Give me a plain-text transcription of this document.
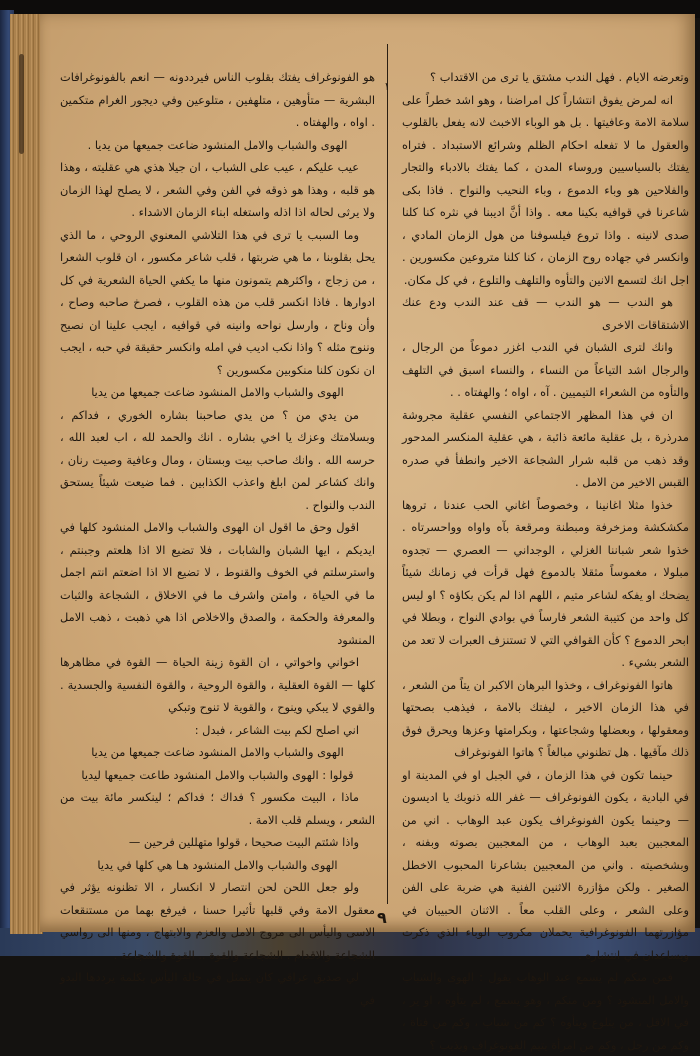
وتعرضه الايام . فهل الندب مشتق يا ترى من الاقتداب ؟

انه لمرض يفوق انتشاراً كل امراضنا ، وهو اشد خطراً على سلامة الامة وعافيتها . بل هو الوباء الاخبث لانه يفعل بالقلوب والعقول ما لا تفعله احكام الظلم وشرائع الاستبداد . فتراه يفتك بالسياسيين وروساء المدن ، كما يفتك بالادباء والتجار والفلاحين هو وباء الدموع ، وباء النحيب والنواح . فاذا بكى شاعرنا في قوافيه بكينا معه . واذا أنَّ اديبنا في نثره كنا كلنا صدى لانينه . واذا تروع فيلسوفنا من هول الزمان المادي ، وانكسر في جهاده روح الزمان ، كنا كلنا متروعين مكسورين . اجل انك لتسمع الانين والتأوه والتلهف والتلوع ، في كل مكان.

هو الندب — هو الندب — قف عند الندب ودع عنك الاشتقاقات الاخرى

وانك لترى الشبان في الندب اغزر دموعاً من الرجال ، والرجال اشد التياعاً من النساء ، والنساء اسبق في التلهف والتأوه من الشعراء التيميين . آه ، اواه ؛ والهفتاه . .

ان في هذا المظهر الاجتماعي النفسي عقلية مجروشة مدرذرة ، بل عقلية مائعة ذائبة ، هي عقلية المنكسر المدحور وقد ذهب من قلبه شرار الشجاعة الاخير وانطفأ في صدره القبس الاخير من الامل .

خذوا مثلا اغانينا ، وخصوصاً اغاني الحب عندنا ، تروها مكشكشة ومزخرفة ومبطنة ومرقعة بآه واواه وواحسرتاه . خذوا شعر شباننا الغزلي ، الوجداني — العصري — تجدوه مبلولا ، مغموساً مثقلا بالدموع فهل قرأت في زمانك شيئاً يضحك او يفكه لشاعر متيم ، اللهم اذا لم يكن بكاؤه ؟ او ليس كل واحد من كتيبة الشعر فارساً في بوادي النواح ، وبطلا في ابحر الدموع ؟ كأن القوافي التي لا تستنزف العبرات لا تعد من الشعر بشيء .

هاتوا الفونوغراف ، وخذوا البرهان الاكبر ان يتاً من الشعر ، في هذا الزمان الاخير ، ليفتك بالامة ، فيذهب بصحتها ومعقولها ، وبعضلها وشجاعتها ، وبكرامتها وعزها ويحرق فوق ذلك مآقيها . هل تظنوني مبالغاً ؟ هاتوا الفونوغراف

حينما تكون في هذا الزمان ، في الجبل او في المدينة او في البادية ، يكون الفونوغراف — غفر الله ذنوبك يا اديسون — وحينما يكون الفونوغراف يكون عبد الوهاب . اني من المعجبين بعبد الوهاب ، من المعجبين بصوته وبفنه ، وبشخصيته . واني من المعجبين بشاعرنا المحبوب الاخطل الصغير . ولكن مؤازرة الاثنين الفنية هي ضربة على الفن وعلى الشعر ، وعلى القلب معاً . الاثنان الحبيبان في مؤازرتهما الفونوغرافية يحملان مكروب الوباء الذي ذكرت ويساعدان في انتشاره .

فمن منكم لم يسمع عبد الوهاب يقول : الهوى والشباب والامل المنشود ؟ ومن منكم ، وهو يسمع ، لم يتأوه ، او ير ، في الاقل ، من يتلوع ويتأوه ؟ كم من شباب ، وكم من فتاة ، وكم من رجل ، وكم من امرأة يتيم الفونوغراف ويذيب ؟

١

هو الفونوغراف يفتك بقلوب الناس فيرددونه — انعم بالفونوغرافات البشرية — متأوهين ، متلهفين ، متلوعين وفي ديجور الغرام متكمين . اواه ، والهفتاه .

الهوى والشباب والامل المنشود ضاعت جميعها من يديا .

عيب عليكم ، عيب على الشباب ، ان جيلا هذي هي عقليته ، وهذا هو قلبه ، وهذا هو ذوقه في الفن وفي الشعر ، لا يصلح لهذا الزمان ولا يرثى لحاله اذا اذله واستغله ابناء الزمان الاشداء .

وما السبب يا ترى في هذا التلاشي المعنوي الروحي ، ما الذي يحل بقلوبنا ، ما هي ضربتها ، قلب شاعر مكسور ، ان قلوب الشعرا ، من زجاج ، واكثرهم يتمونون منها ما يكفي الحياة الشعرية في كل ادوارها . فاذا انكسر قلب من هذه القلوب ، فصرخ صاحبه وصاح ، وأن وناح ، وارسل نواحه وانينه في قوافيه ، ايجب علينا ان نصيح وننوح مثله ؟ واذا نكب اديب في امله وانكسر حقيقة في حبه ، ايجب ان نكون كلنا منكوبين مكسورين ؟

الهوى والشباب والامل المنشود ضاعت جميعها من يديا

من يدي من ؟ من يدي صاحبنا بشاره الخوري ، فداكم ، وبسلامتك وعزك يا اخي بشاره . انك والحمد لله ، اب لعبد الله ، حرسه الله . وانك صاحب بيت وبستان ، ومال وعافية وصيت رنان ، وانك كشاعر لمن ابلغ واعذب الكذابين . فما ضيعت شيئاً يستحق الندب والنواح .

اقول وحق ما اقول ان الهوى والشباب والامل المنشود كلها في ايديكم ، ايها الشبان والشابات ، فلا تضيع الا اذا هلعتم وجبنتم ، واسترسلتم في الخوف والقنوط ، لا تضيع الا اذا اضعتم انتم اجمل ما في الحياة ، وامتن واشرف ما في الاخلاق ، الشجاعة والثبات والمعرفة والحكمة ، والصدق والاخلاص اذا هي ذهبت ، ذهب الامل المنشود

اخواني واخواتي ، ان القوة زينة الحياة — القوة في مظاهرها كلها — القوة العقلية ، والقوة الروحية ، والقوة النفسية والجسدية . والقوي لا يبكي وينوح ، والقوية لا تنوح وتبكي

اني اصلح لكم بيت الشاعر ، فبدل :

الهوى والشباب والامل المنشود ضاعت جميعها من يديا

قولوا : الهوى والشباب والامل المنشود طاعت جميعها ليديا

ماذا ، البيت مكسور ؟ فداك ؛ فداكم ؛ لينكسر مائة بيت من الشعر ، ويسلم قلب الامة .

واذا شئتم البيت صحيحا ، قولوا متهللين فرحين —

الهوى والشباب والامل المنشود هـا هي كلها في يديا

ولو جعل اللحن لحن انتصار لا انكسار ، الا تظنونه يؤثر في معقول الامة وفي قلبها تأثيرا حسنا ، فيرفع بهما من مستنقعات الاسى واليأس الى مروج الامل والعزم والابتهاج ، ومنها الى رواسي الشجاعة والاقدام . الشجاعة والقوة .. القوة والشجاعة .

لي صديق عراقي كان يتمثل في حالة اليأس بكلمة يرددها البدو في

٩
